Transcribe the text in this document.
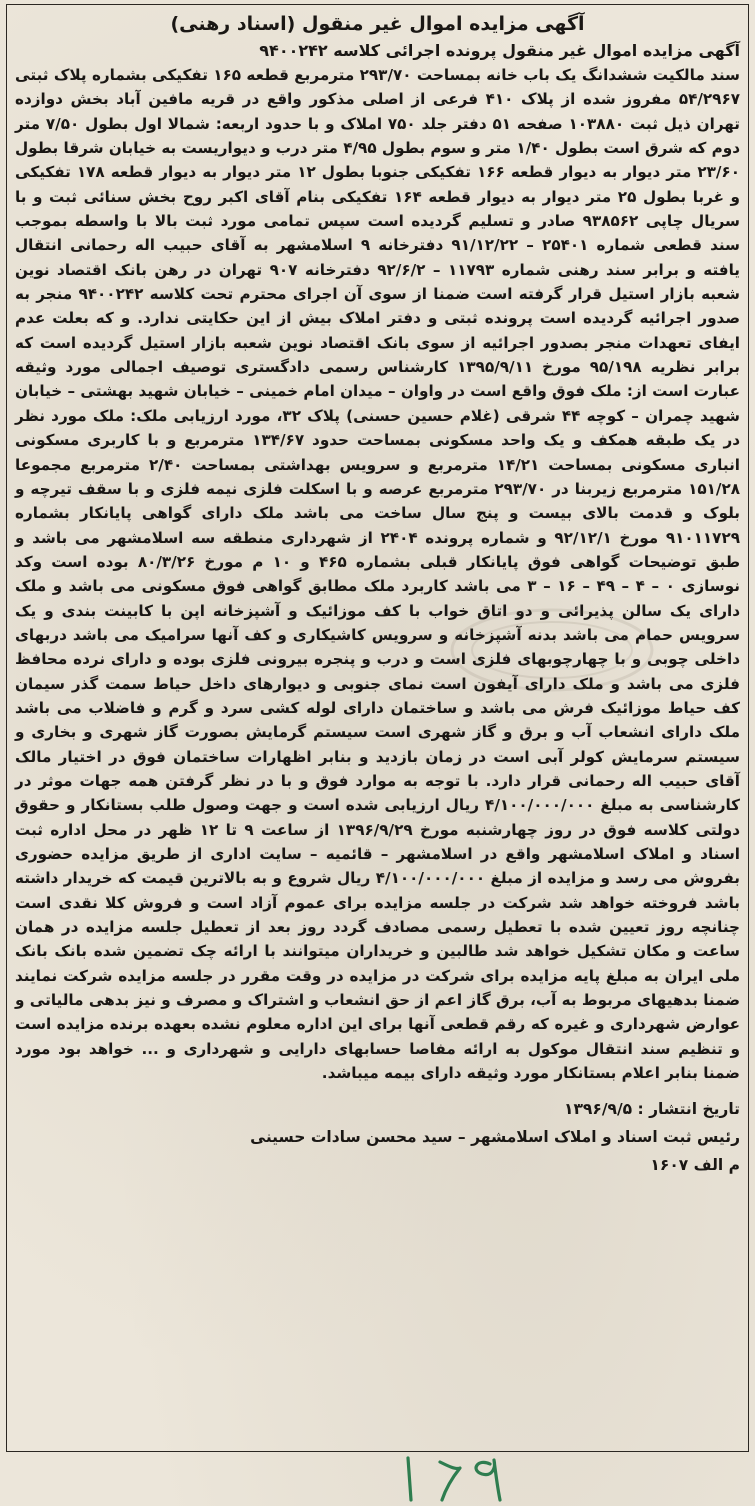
آگهی مزایده اموال غیر منقول (اسناد رهنی)

آگهی مزایده اموال غیر منقول پرونده اجرائی کلاسه ۹۴۰۰۲۴۲

سند مالکیت ششدانگ یک باب خانه بمساحت ۲۹۳/۷۰ مترمربع قطعه ۱۶۵ تفکیکی بشماره پلاک ثبتی ۵۴/۲۹۶۷ مفروز شده از پلاک ۴۱۰ فرعی از اصلی مذکور واقع در قریه مافین آباد بخش دوازده تهران ذیل ثبت ۱۰۳۸۸۰ صفحه ۵۱ دفتر جلد ۷۵۰ املاک و با حدود اربعه: شمالا اول بطول ۷/۵۰ متر دوم که شرق است بطول ۱/۴۰ متر و سوم بطول ۴/۹۵ متر درب و دیواریست به خیابان شرقا بطول ۲۳/۶۰ متر دیوار به دیوار قطعه ۱۶۶ تفکیکی جنوبا بطول ۱۲ متر دیوار به دیوار قطعه ۱۷۸ تفکیکی و غربا بطول ۲۵ متر دیوار به دیوار قطعه ۱۶۴ تفکیکی بنام آقای اکبر روح بخش سنائی ثبت و با سریال چاپی ۹۳۸۵۶۲ صادر و تسلیم گردیده است سپس تمامی مورد ثبت بالا با واسطه بموجب سند قطعی شماره ۲۵۴۰۱ – ۹۱/۱۲/۲۲ دفترخانه ۹ اسلامشهر به آقای حبیب اله رحمانی انتقال یافته و برابر سند رهنی شماره ۱۱۷۹۳ – ۹۲/۶/۲ دفترخانه ۹۰۷ تهران در رهن بانک اقتصاد نوین شعبه بازار استیل قرار گرفته است ضمنا از سوی آن اجرای محترم تحت کلاسه ۹۴۰۰۲۴۲ منجر به صدور اجرائیه گردیده است پرونده ثبتی و دفتر املاک بیش از این حکایتی ندارد. و که بعلت عدم ایفای تعهدات منجر بصدور اجرائیه از سوی بانک اقتصاد نوین شعبه بازار استیل گردیده است که برابر نظریه ۹۵/۱۹۸ مورخ ۱۳۹۵/۹/۱۱ کارشناس رسمی دادگستری توصیف اجمالی مورد وثیقه عبارت است از: ملک فوق واقع است در واوان – میدان امام خمینی – خیابان شهید بهشتی – خیابان شهید چمران – کوچه ۴۴ شرقی (غلام حسین حسنی) پلاک ۳۲، مورد ارزیابی ملک: ملک مورد نظر در یک طبقه همکف و یک واحد مسکونی بمساحت حدود ۱۳۴/۶۷ مترمربع و با کاربری مسکونی انباری مسکونی بمساحت ۱۴/۲۱ مترمربع و سرویس بهداشتی بمساحت ۲/۴۰ مترمربع مجموعا ۱۵۱/۲۸ مترمربع زیربنا در ۲۹۳/۷۰ مترمربع عرصه و با اسکلت فلزی نیمه فلزی و با سقف تیرچه و بلوک و قدمت بالای بیست و پنج سال ساخت می باشد ملک دارای گواهی پایانکار بشماره ۹۱۰۱۱۷۲۹ مورخ ۹۲/۱۲/۱ و شماره پرونده ۲۴۰۴ از شهرداری منطقه سه اسلامشهر می باشد و طبق توضیحات گواهی فوق پایانکار قبلی بشماره ۴۶۵ و ۱۰ م مورخ ۸۰/۳/۲۶ بوده است وکد نوسازی ۰ – ۴ – ۴۹ – ۱۶ – ۳ می باشد کاربرد ملک مطابق گواهی فوق مسکونی می باشد و ملک دارای یک سالن پذیرائی و دو اتاق خواب با کف موزائیک و آشپزخانه اپن با کابینت بندی و یک سرویس حمام می باشد بدنه آشپزخانه و سرویس کاشیکاری و کف آنها سرامیک می باشد دربهای داخلی چوبی و با چهارچوبهای فلزی است و درب و پنجره بیرونی فلزی بوده و دارای نرده محافظ فلزی می باشد و ملک دارای آیفون است نمای جنوبی و دیوارهای داخل حیاط سمت گذر سیمان کف حیاط موزائیک فرش می باشد و ساختمان دارای لوله کشی سرد و گرم و فاضلاب می باشد ملک دارای انشعاب آب و برق و گاز شهری است سیستم گرمایش بصورت گاز شهری و بخاری و سیستم سرمایش کولر آبی است در زمان بازدید و بنابر اظهارات ساختمان فوق در اختیار مالک آقای حبیب اله رحمانی قرار دارد. با توجه به موارد فوق و با در نظر گرفتن همه جهات موثر در کارشناسی به مبلغ ۴/۱۰۰/۰۰۰/۰۰۰ ریال ارزیابی شده است و جهت وصول طلب بستانکار و حقوق دولتی کلاسه فوق در روز چهارشنبه مورخ ۱۳۹۶/۹/۲۹ از ساعت ۹ تا ۱۲ ظهر در محل اداره ثبت اسناد و املاک اسلامشهر واقع در اسلامشهر – قائمیه – سایت اداری از طریق مزایده حضوری بفروش می رسد و مزایده از مبلغ ۴/۱۰۰/۰۰۰/۰۰۰ ریال شروع و به بالاترین قیمت که خریدار داشته باشد فروخته خواهد شد شرکت در جلسه مزایده برای عموم آزاد است و فروش کلا نقدی است چنانچه روز تعیین شده با تعطیل رسمی مصادف گردد روز بعد از تعطیل جلسه مزایده در همان ساعت و مکان تشکیل خواهد شد طالبین و خریداران میتوانند با ارائه چک تضمین شده بانک بانک ملی ایران به مبلغ پایه مزایده برای شرکت در مزایده در وقت مقرر در جلسه مزایده شرکت نمایند ضمنا بدهیهای مربوط به آب، برق گاز اعم از حق انشعاب و اشتراک و مصرف و نیز بدهی مالیاتی و عوارض شهرداری و غیره که رقم قطعی آنها برای این اداره معلوم نشده بعهده برنده مزایده است و تنظیم سند انتقال موکول به ارائه مفاصا حسابهای دارایی و شهرداری و ... خواهد بود مورد ضمنا بنابر اعلام بستانکار مورد وثیقه دارای بیمه میباشد.

تاریخ انتشار : ۱۳۹۶/۹/۵
رئیس ثبت اسناد و املاک اسلامشهر – سید محسن سادات حسینی
م الف ۱۶۰۷
